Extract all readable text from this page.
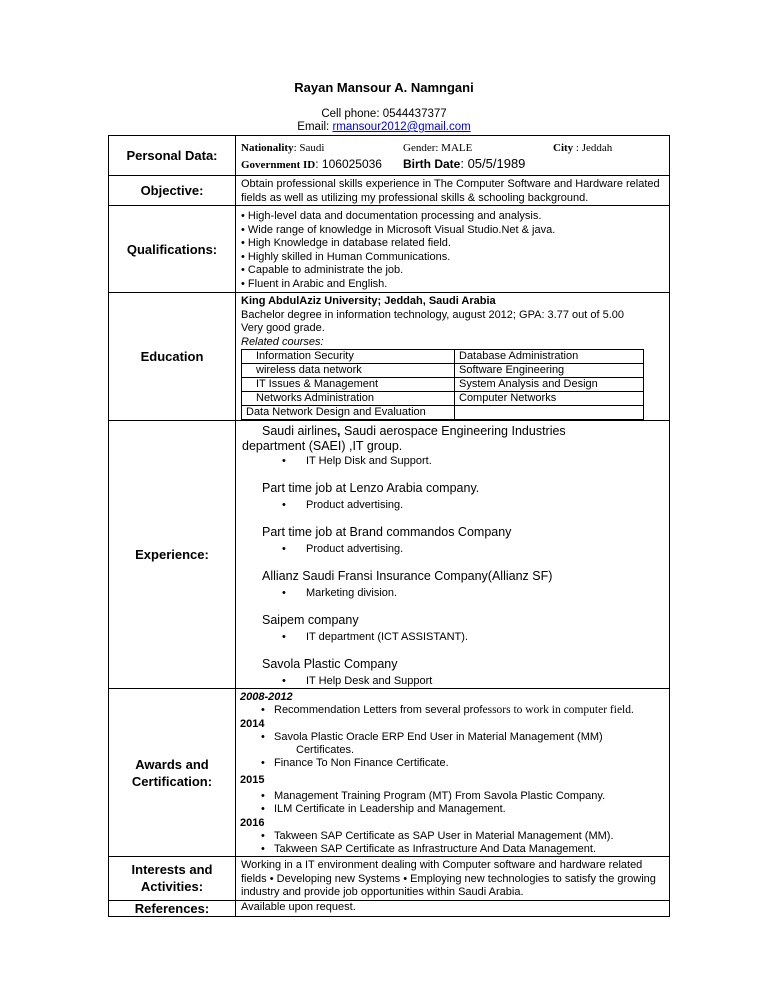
Rayan Mansour A. Namngani
Cell phone: 0544437377
Email: rmansour2012@gmail.com
Personal Data:	Nationality: Saudi	Gender: MALE	City : Jeddah
Government ID: 106025036	Birth Date: 05/5/1989

Objective:	Obtain professional skills experience in The Computer Software and Hardware related fields as well as utilizing my professional skills & schooling background.
Qualifications:	
• High-level data and documentation processing and analysis.
• Wide range of knowledge in Microsoft Visual Studio.Net & java.
• High Knowledge in database related field.
• Highly skilled in Human Communications.
• Capable to administrate the job.
• Fluent in Arabic and English.

Education	
King AbdulAziz University; Jeddah, Saudi Arabia
Bachelor degree in information technology, august 2012; GPA: 3.77 out of 5.00
Very good grade.
Related courses:
Information Security	Database Administration
wireless data network	Software Engineering
IT Issues & Management	System Analysis and Design
Networks Administration	Computer Networks
Data Network Design and Evaluation	

Experience:	
Saudi airlines, Saudi aerospace Engineering Industries
department (SAEI) ,IT group.
• IT Help Disk and Support.
Part time job at Lenzo Arabia company.
• Product advertising.
Part time job at Brand commandos Company
• Product advertising.
Allianz Saudi Fransi Insurance Company(Allianz SF)
• Marketing division.
Saipem company
• IT department (ICT ASSISTANT).
Savola Plastic Company
• IT Help Desk and Support

Awards and
Certification:

2008-2012
• Recommendation Letters from several professors to work in computer field.
2014
• Savola Plastic Oracle ERP End User in Material Management (MM)
Certificates.
• Finance To Non Finance Certificate.
2015
• Management Training Program (MT) From Savola Plastic Company.
• ILM Certificate in Leadership and Management.
2016
• Takween SAP Certificate as SAP User in Material Management (MM).
• Takween SAP Certificate as Infrastructure And Data Management.

Interests and
Activities:
	Working in a IT environment dealing with Computer software and hardware related fields • Developing new Systems • Employing new technologies to satisfy the growing industry and provide job opportunities within Saudi Arabia.
References:	Available upon request.
